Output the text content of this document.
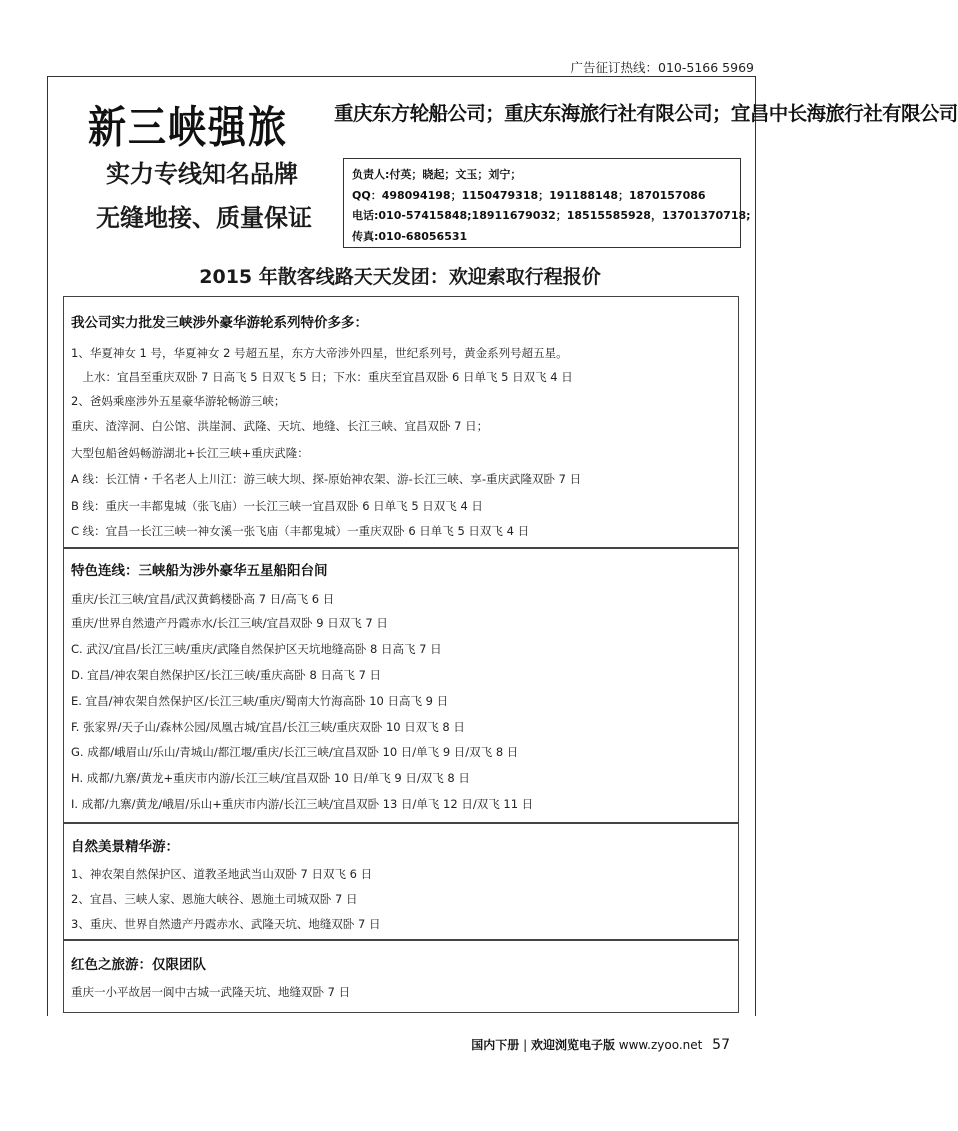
广告征订热线：010-5166 5969
新三峡强旅 重庆东方轮船公司；重庆东海旅行社有限公司；宜昌中长海旅行社有限公司
实力专线知名品牌
无缝地接、质量保证
负责人:付英；晓起；文玉；刘宁；
QQ：498094198；1150479318；191188148；1870157086
电话:010-57415848;18911679032；18515585928，13701370718;
传真:010-68056531
2015 年散客线路天天发团：欢迎索取行程报价
我公司实力批发三峡涉外豪华游轮系列特价多多：
1、华夏神女 1 号，华夏神女 2 号超五星，东方大帝涉外四星，世纪系列号，黄金系列号超五星。
　上水：宜昌至重庆双卧 7 日高飞 5 日双飞 5 日；下水：重庆至宜昌双卧 6 日单飞 5 日双飞 4 日
2、爸妈乘座涉外五星豪华游轮畅游三峡；
重庆、渣滓洞、白公馆、洪崖洞、武隆、天坑、地缝、长江三峡、宜昌双卧 7 日；
大型包船爸妈畅游湖北+长江三峡+重庆武隆：
A 线：长江情・千名老人上川江：游三峡大坝、探-原始神农架、游-长江三峡、享-重庆武隆双卧 7 日
B 线：重庆一丰都鬼城（张飞庙）一长江三峡一宜昌双卧 6 日单飞 5 日双飞 4 日
C 线：宜昌一长江三峡一神女溪一张飞庙（丰都鬼城）一重庆双卧 6 日单飞 5 日双飞 4 日
特色连线：三峡船为涉外豪华五星船阳台间
重庆/长江三峡/宜昌/武汉黄鹤楼卧高 7 日/高飞 6 日
重庆/世界自然遗产丹霞赤水/长江三峡/宜昌双卧 9 日双飞 7 日
C. 武汉/宜昌/长江三峡/重庆/武隆自然保护区天坑地缝高卧 8 日高飞 7 日
D. 宜昌/神农架自然保护区/长江三峡/重庆高卧 8 日高飞 7 日
E. 宜昌/神农架自然保护区/长江三峡/重庆/蜀南大竹海高卧 10 日高飞 9 日
F. 张家界/天子山/森林公园/凤凰古城/宜昌/长江三峡/重庆双卧 10 日双飞 8 日
G. 成都/峨眉山/乐山/青城山/都江堰/重庆/长江三峡/宜昌双卧 10 日/单飞 9 日/双飞 8 日
H. 成都/九寨/黄龙+重庆市内游/长江三峡/宜昌双卧 10 日/单飞 9 日/双飞 8 日
I. 成都/九寨/黄龙/峨眉/乐山+重庆市内游/长江三峡/宜昌双卧 13 日/单飞 12 日/双飞 11 日
自然美景精华游：
1、神农架自然保护区、道教圣地武当山双卧 7 日双飞 6 日
2、宜昌、三峡人家、恩施大峡谷、恩施土司城双卧 7 日
3、重庆、世界自然遗产丹霞赤水、武隆天坑、地缝双卧 7 日
红色之旅游：仅限团队
重庆一小平故居一阆中古城一武隆天坑、地缝双卧 7 日
国内下册 | 欢迎浏览电子版 www.zyoo.net 57
